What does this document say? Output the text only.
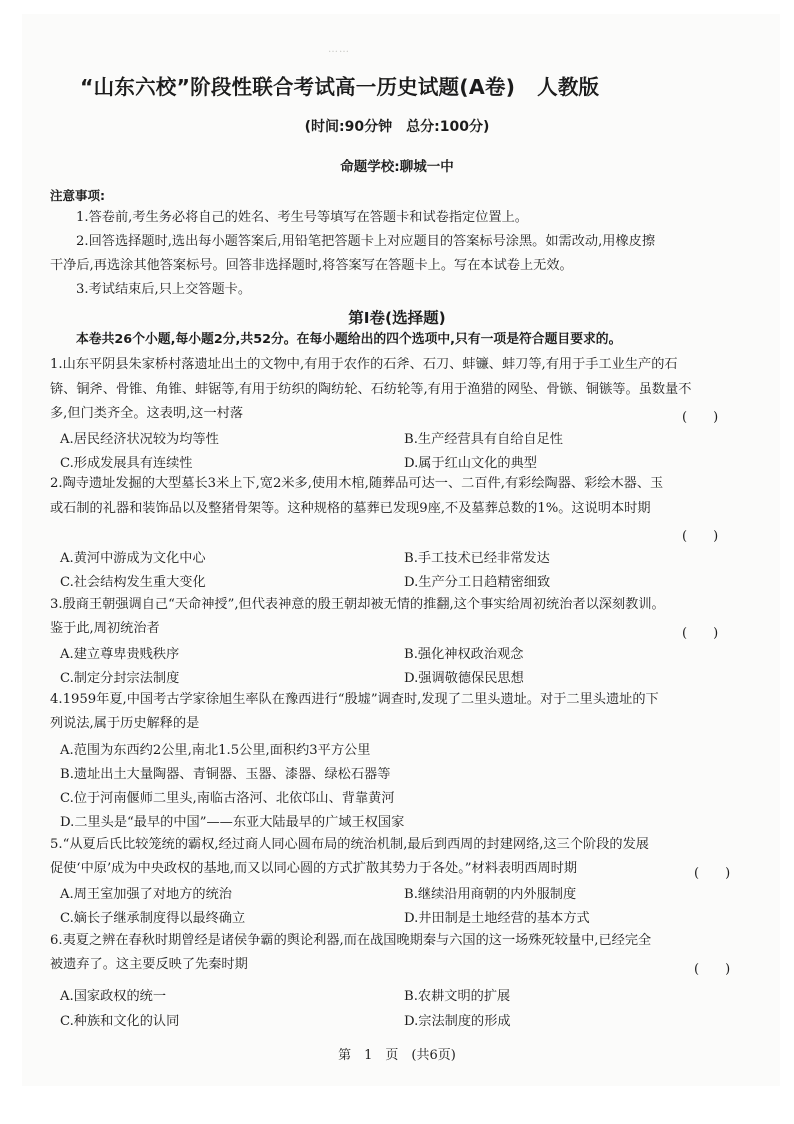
……　　　　　　　　　　　　　　　　　　　　　　　　　　　
“山东六校”阶段性联合考试高一历史试题(A卷) 人教版
(时间:90分钟　总分:100分)
命题学校:聊城一中
注意事项:
1.答卷前,考生务必将自己的姓名、考生号等填写在答题卡和试卷指定位置上。
2.回答选择题时,选出每小题答案后,用铅笔把答题卡上对应题目的答案标号涂黑。如需改动,用橡皮擦
干净后,再选涂其他答案标号。回答非选择题时,将答案写在答题卡上。写在本试卷上无效。
3.考试结束后,只上交答题卡。
第Ⅰ卷(选择题)
本卷共26个小题,每小题2分,共52分。在每小题给出的四个选项中,只有一项是符合题目要求的。
1.山东平阴县朱家桥村落遗址出土的文物中,有用于农作的石斧、石刀、蚌镰、蚌刀等,有用于手工业生产的石
锛、铜斧、骨锥、角锥、蚌锯等,有用于纺织的陶纺轮、石纺轮等,有用于渔猎的网坠、骨镞、铜镞等。虽数量不
多,但门类齐全。这表明,这一村落	(　　)
A.居民经济状况较为均等性	B.生产经营具有自给自足性
C.形成发展具有连续性	D.属于红山文化的典型
2.陶寺遗址发掘的大型墓长3米上下,宽2米多,使用木棺,随葬品可达一、二百件,有彩绘陶器、彩绘木器、玉
或石制的礼器和装饰品以及整猪骨架等。这种规格的墓葬已发现9座,不及墓葬总数的1%。这说明本时期
(　　)
A.黄河中游成为文化中心	B.手工技术已经非常发达
C.社会结构发生重大变化	D.生产分工日趋精密细致
3.殷商王朝强调自己“天命神授”,但代表神意的殷王朝却被无情的推翻,这个事实给周初统治者以深刻教训。
鉴于此,周初统治者	(　　)
A.建立尊卑贵贱秩序	B.强化神权政治观念
C.制定分封宗法制度	D.强调敬德保民思想
4.1959年夏,中国考古学家徐旭生率队在豫西进行“殷墟”调查时,发现了二里头遗址。对于二里头遗址的下
列说法,属于历史解释的是
A.范围为东西约2公里,南北1.5公里,面积约3平方公里
B.遗址出土大量陶器、青铜器、玉器、漆器、绿松石器等
C.位于河南偃师二里头,南临古洛河、北依邙山、背靠黄河
D.二里头是“最早的中国”——东亚大陆最早的广域王权国家
5.“从夏后氏比较笼统的霸权,经过商人同心圆布局的统治机制,最后到西周的封建网络,这三个阶段的发展
促使‘中原’成为中央政权的基地,而又以同心圆的方式扩散其势力于各处。”材料表明西周时期	(　　)
A.周王室加强了对地方的统治	B.继续沿用商朝的内外服制度
C.嫡长子继承制度得以最终确立	D.井田制是土地经营的基本方式
6.夷夏之辨在春秋时期曾经是诸侯争霸的舆论利器,而在战国晚期秦与六国的这一场殊死较量中,已经完全
被遗弃了。这主要反映了先秦时期	(　　)
A.国家政权的统一	B.农耕文明的扩展
C.种族和文化的认同	D.宗法制度的形成
第　1　页　(共6页)
